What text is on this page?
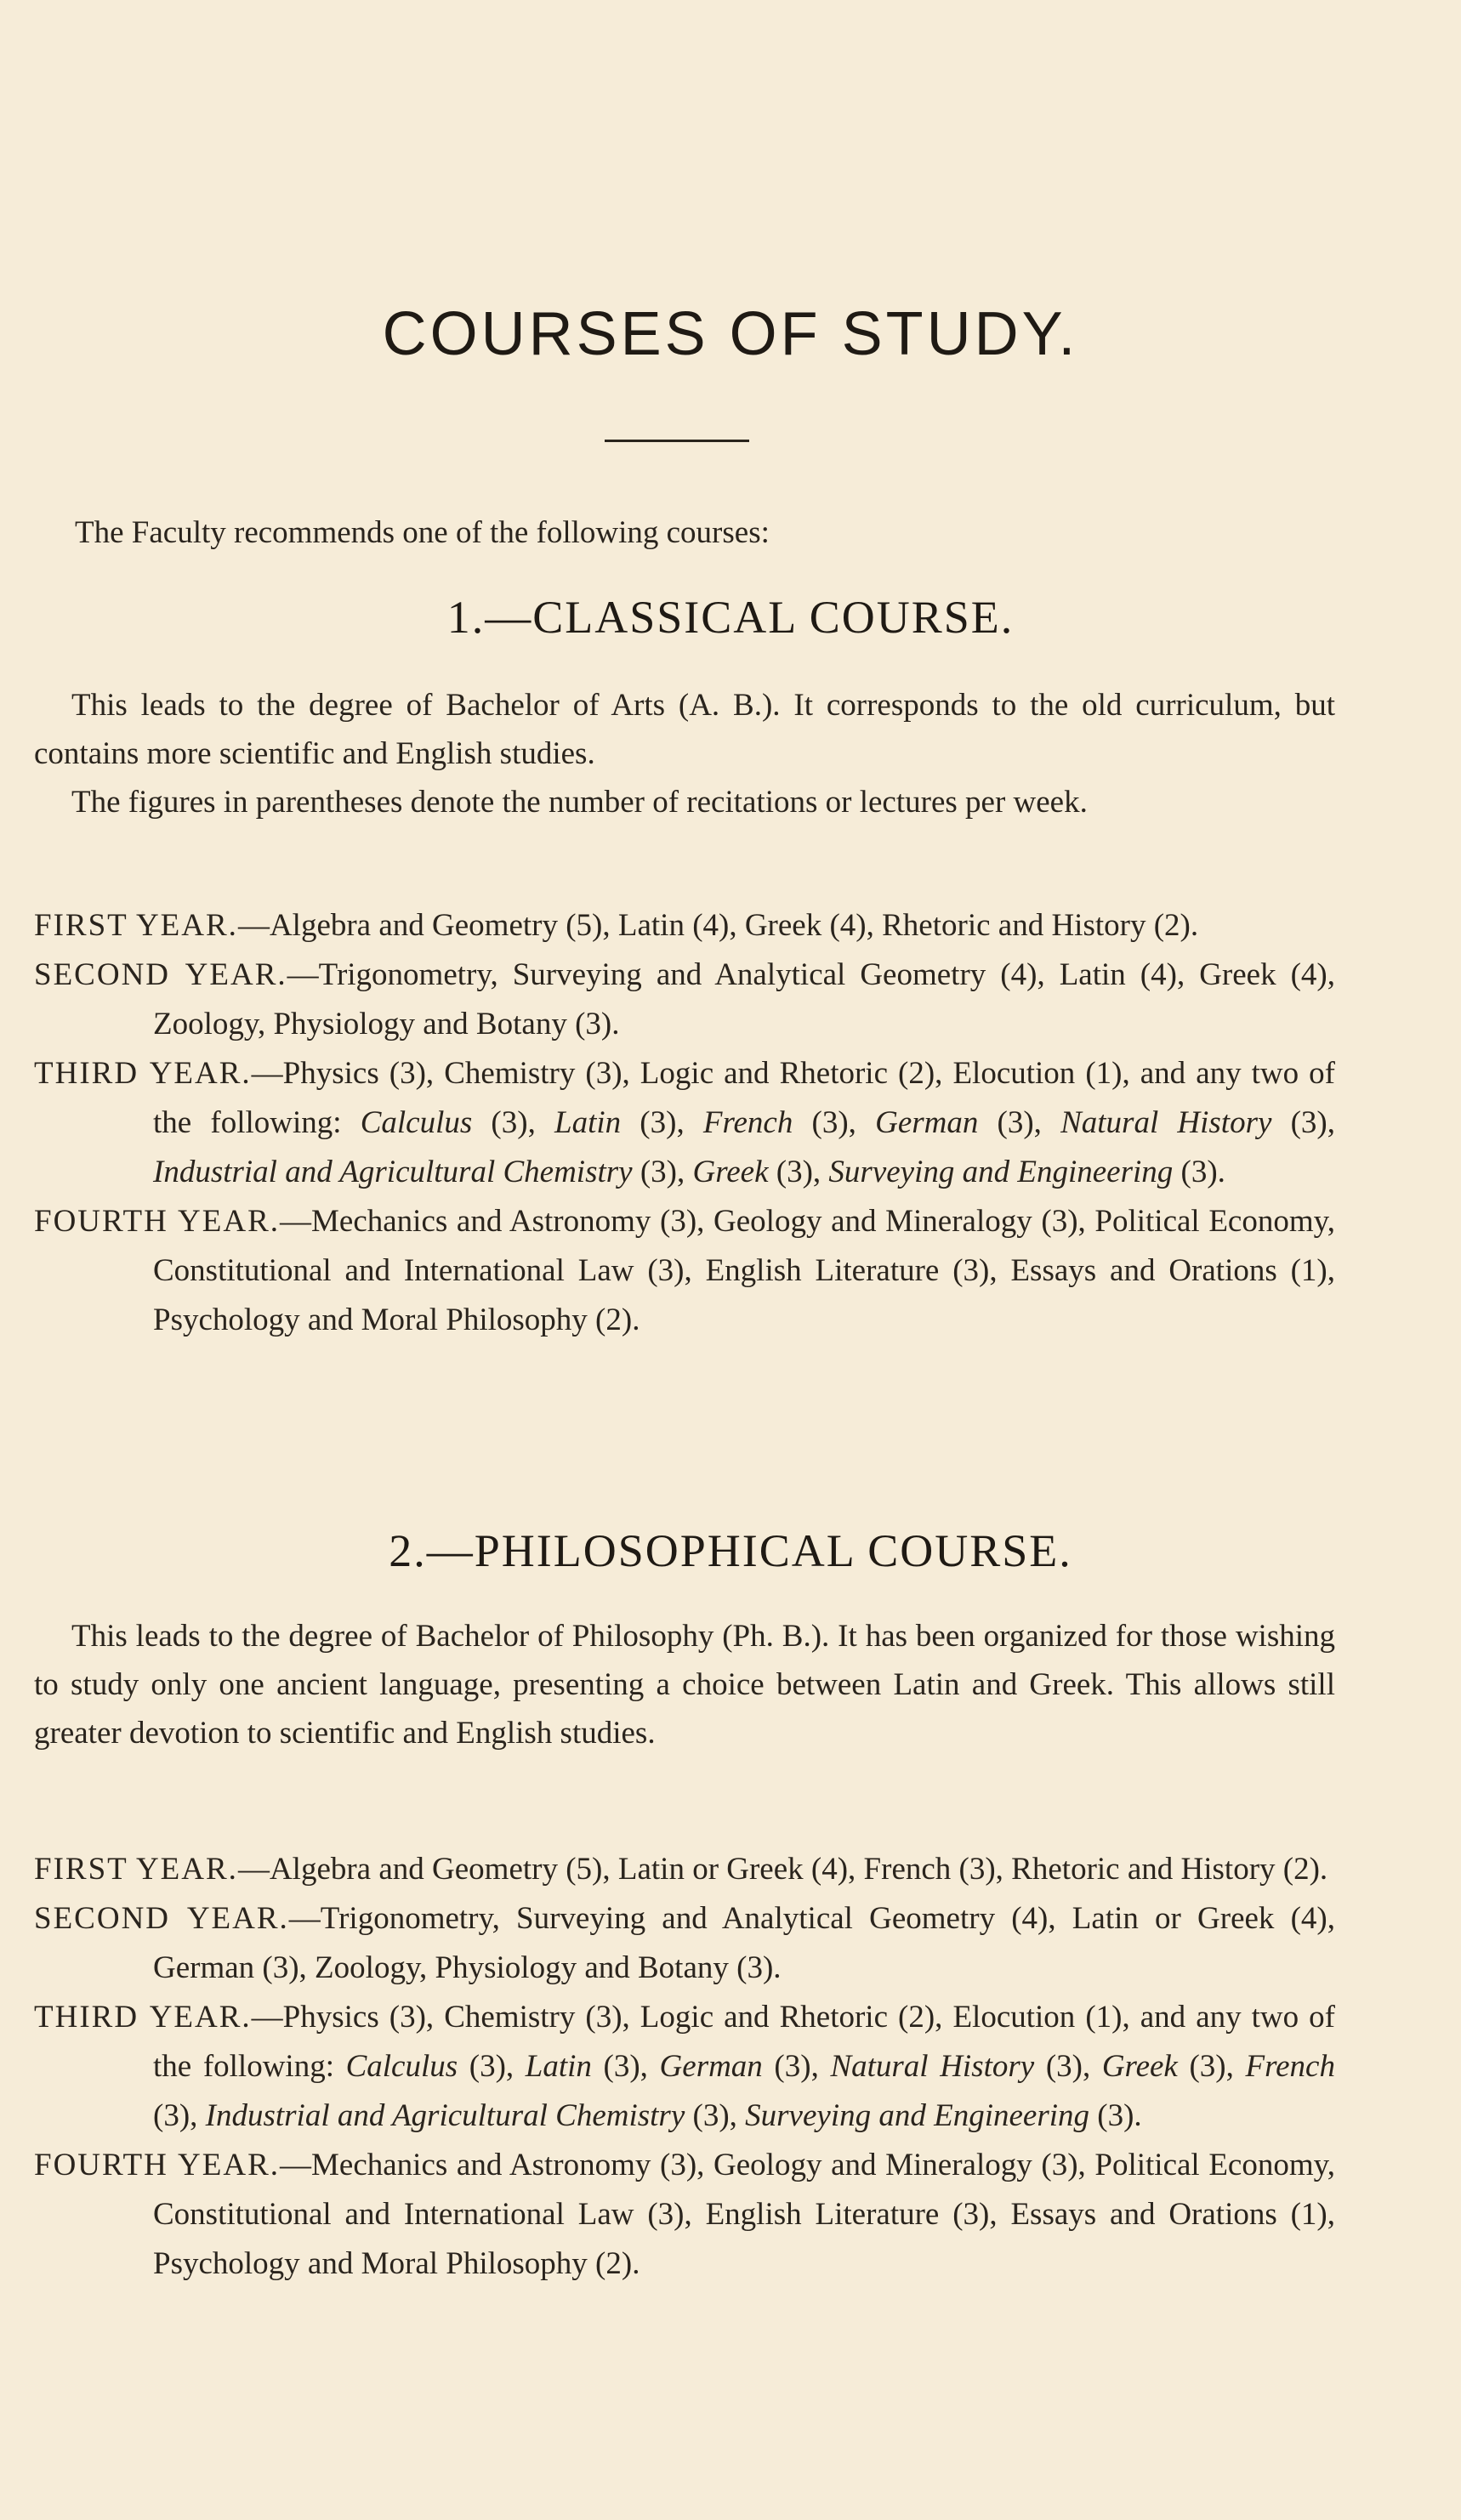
COURSES OF STUDY.
The Faculty recommends one of the following courses:
1.—CLASSICAL COURSE.
This leads to the degree of Bachelor of Arts (A. B.). It corresponds to the old curriculum, but contains more scientific and English studies.
The figures in parentheses denote the number of recitations or lectures per week.
FIRST YEAR.—Algebra and Geometry (5), Latin (4), Greek (4), Rhetoric and History (2).
SECOND YEAR.—Trigonometry, Surveying and Analytical Geometry (4), Latin (4), Greek (4), Zoology, Physiology and Botany (3).
THIRD YEAR.—Physics (3), Chemistry (3), Logic and Rhetoric (2), Elocution (1), and any two of the following: Calculus (3), Latin (3), French (3), German (3), Natural History (3), Industrial and Agricultural Chemistry (3), Greek (3), Surveying and Engineering (3).
FOURTH YEAR.—Mechanics and Astronomy (3), Geology and Mineralogy (3), Political Economy, Constitutional and International Law (3), English Literature (3), Essays and Orations (1), Psychology and Moral Philosophy (2).
2.—PHILOSOPHICAL COURSE.
This leads to the degree of Bachelor of Philosophy (Ph. B.). It has been organized for those wishing to study only one ancient language, presenting a choice between Latin and Greek. This allows still greater devotion to scientific and English studies.
FIRST YEAR.—Algebra and Geometry (5), Latin or Greek (4), French (3), Rhetoric and History (2).
SECOND YEAR.—Trigonometry, Surveying and Analytical Geometry (4), Latin or Greek (4), German (3), Zoology, Physiology and Botany (3).
THIRD YEAR.—Physics (3), Chemistry (3), Logic and Rhetoric (2), Elocution (1), and any two of the following: Calculus (3), Latin (3), German (3), Natural History (3), Greek (3), French (3), Industrial and Agricultural Chemistry (3), Surveying and Engineering (3).
FOURTH YEAR.—Mechanics and Astronomy (3), Geology and Mineralogy (3), Political Economy, Constitutional and International Law (3), English Literature (3), Essays and Orations (1), Psychology and Moral Philosophy (2).
